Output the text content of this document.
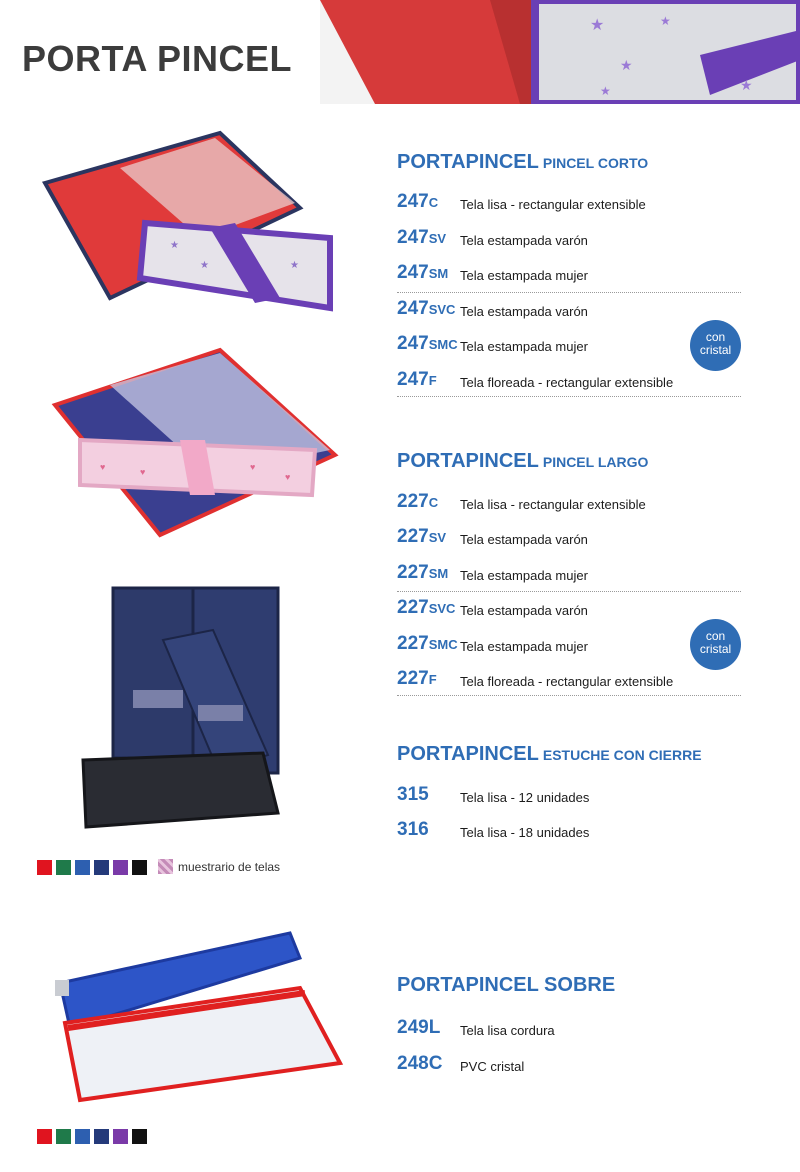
PORTA PINCEL
★
★
★
★
★
★
★	★
♥	♥	♥
♥
PORTAPINCEL PINCEL CORTO
247C Tela lisa - rectangular extensible
247SV Tela estampada varón
247SM Tela estampada mujer
247SVC Tela estampada varón
247SMC Tela estampada mujer
247F Tela floreada - rectangular extensible
con
cristal
PORTAPINCEL PINCEL LARGO
227C Tela lisa - rectangular extensible
227SV Tela estampada varón
227SM Tela estampada mujer
227SVC Tela estampada varón
227SMC Tela estampada mujer
227F Tela floreada - rectangular extensible
con
cristal
PORTAPINCEL ESTUCHE CON CIERRE
315 Tela lisa - 12 unidades
316 Tela lisa - 18 unidades
muestrario de telas
PORTAPINCEL SOBRE
249L Tela lisa cordura
248C PVC cristal
